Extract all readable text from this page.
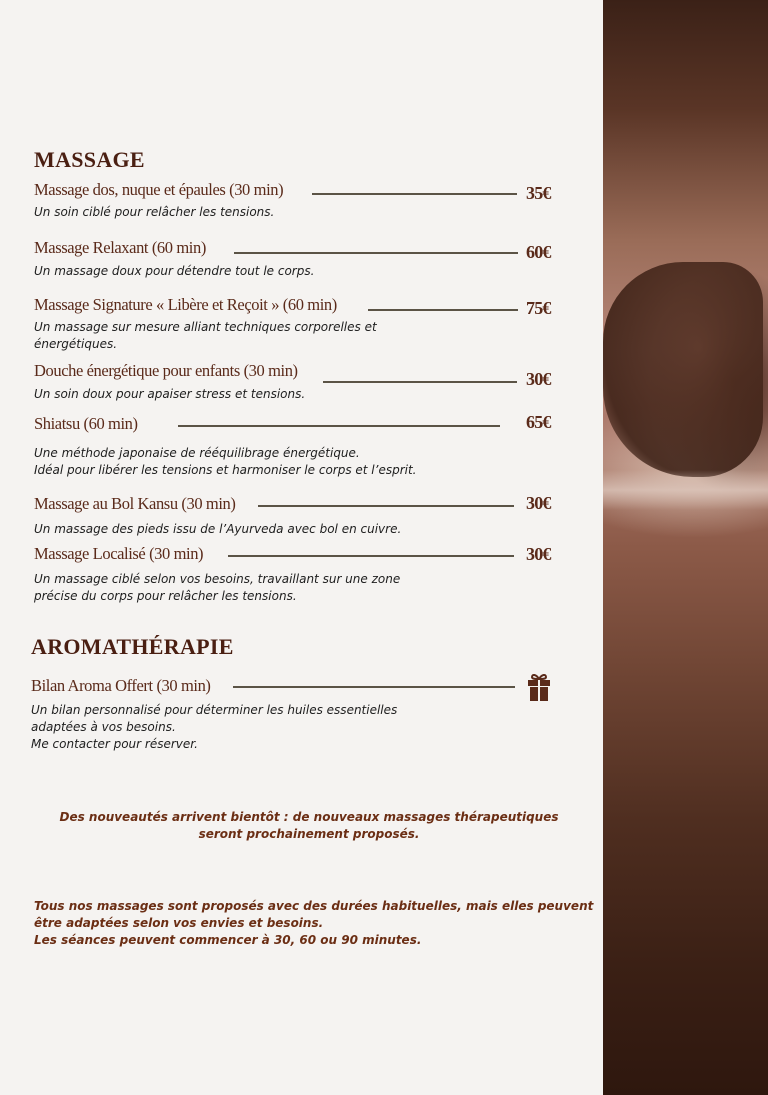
MASSAGE
Massage dos, nuque et épaules (30 min)	35€
Un soin ciblé pour relâcher les tensions.
Massage Relaxant (60 min)	60€
Un massage doux pour détendre tout le corps.
Massage Signature « Libère et Reçoit » (60 min)	75€
Un massage sur mesure alliant techniques corporelles et
énergétiques.
Douche énergétique pour enfants (30 min)	30€
Un soin doux pour apaiser stress et tensions.
Shiatsu (60 min)	65€
Une méthode japonaise de rééquilibrage énergétique.
Idéal pour libérer les tensions et harmoniser le corps et l’esprit.
Massage au Bol Kansu (30 min)	30€
Un massage des pieds issu de l’Ayurveda avec bol en cuivre.
Massage Localisé (30 min)	30€
Un massage ciblé selon vos besoins, travaillant sur une zone
précise du corps pour relâcher les tensions.
AROMATHÉRAPIE
Bilan Aroma Offert (30 min)
Un bilan personnalisé pour déterminer les huiles essentielles
adaptées à vos besoins.
Me contacter pour réserver.
Des nouveautés arrivent bientôt : de nouveaux massages thérapeutiques
seront prochainement proposés.
Tous nos massages sont proposés avec des durées habituelles, mais elles peuvent
être adaptées selon vos envies et besoins.
Les séances peuvent commencer à 30, 60 ou 90 minutes.
